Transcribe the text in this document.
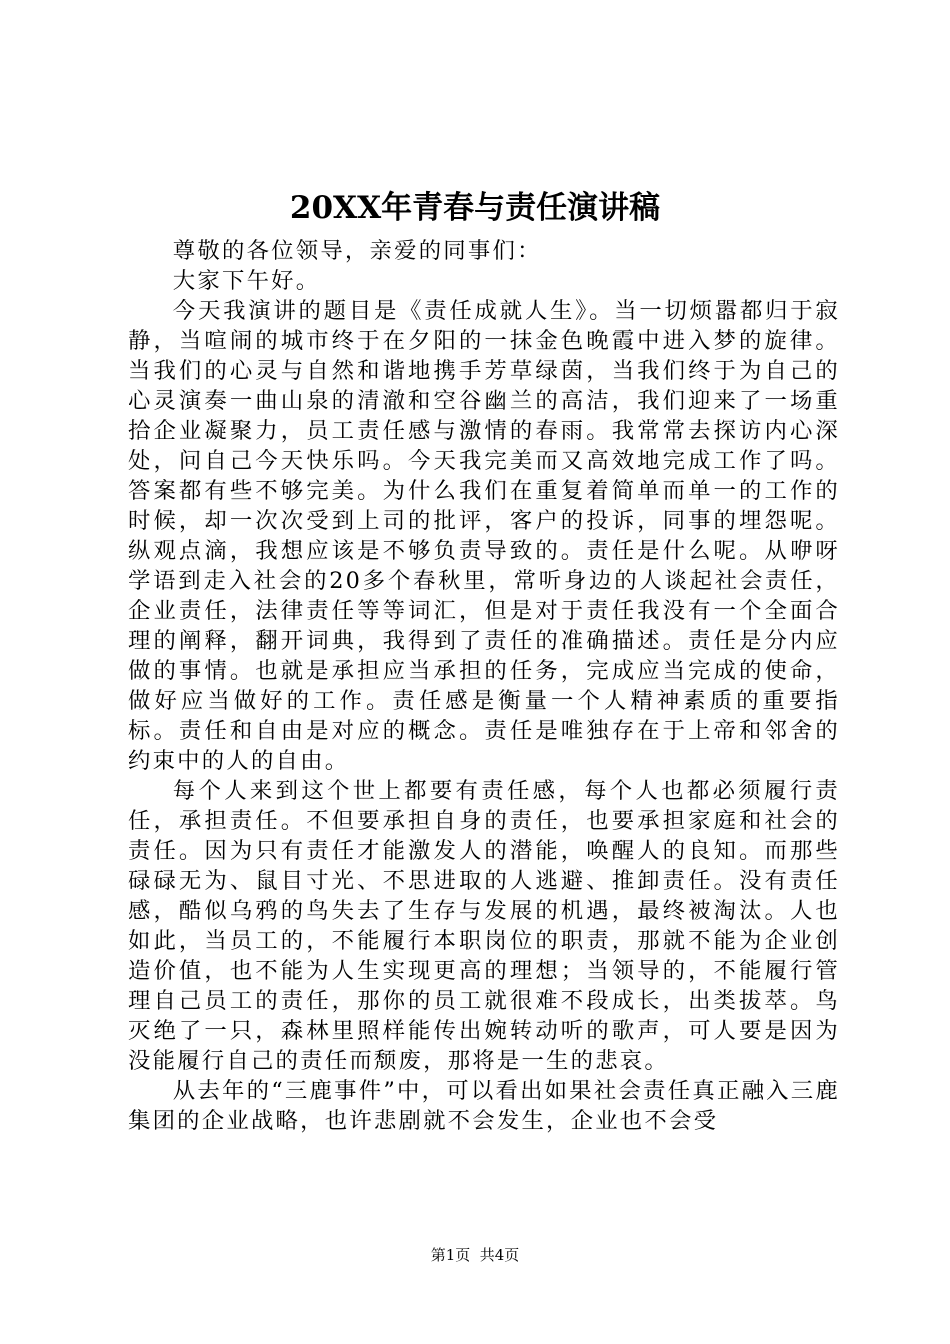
20XX年青春与责任演讲稿

尊敬的各位领导，亲爱的同事们：

大家下午好。

今天我演讲的题目是《责任成就人生》。当一切烦嚣都归于寂静，当喧闹的城市终于在夕阳的一抹金色晚霞中进入梦的旋律。当我们的心灵与自然和谐地携手芳草绿茵，当我们终于为自己的心灵演奏一曲山泉的清澈和空谷幽兰的高洁，我们迎来了一场重拾企业凝聚力，员工责任感与激情的春雨。我常常去探访内心深处，问自己今天快乐吗。今天我完美而又高效地完成工作了吗。答案都有些不够完美。为什么我们在重复着简单而单一的工作的时候，却一次次受到上司的批评，客户的投诉，同事的埋怨呢。纵观点滴，我想应该是不够负责导致的。责任是什么呢。从咿呀学语到走入社会的20多个春秋里，常听身边的人谈起社会责任，企业责任，法律责任等等词汇，但是对于责任我没有一个全面合理的阐释，翻开词典，我得到了责任的准确描述。责任是分内应做的事情。也就是承担应当承担的任务，完成应当完成的使命，做好应当做好的工作。责任感是衡量一个人精神素质的重要指标。责任和自由是对应的概念。责任是唯独存在于上帝和邻舍的约束中的人的自由。

每个人来到这个世上都要有责任感，每个人也都必须履行责任，承担责任。不但要承担自身的责任，也要承担家庭和社会的责任。因为只有责任才能激发人的潜能，唤醒人的良知。而那些碌碌无为、鼠目寸光、不思进取的人逃避、推卸责任。没有责任感，酷似乌鸦的鸟失去了生存与发展的机遇，最终被淘汰。人也如此，当员工的，不能履行本职岗位的职责，那就不能为企业创造价值，也不能为人生实现更高的理想；当领导的，不能履行管理自己员工的责任，那你的员工就很难不段成长，出类拔萃。鸟灭绝了一只，森林里照样能传出婉转动听的歌声，可人要是因为没能履行自己的责任而颓废，那将是一生的悲哀。

从去年的“三鹿事件”中，可以看出如果社会责任真正融入三鹿集团的企业战略，也许悲剧就不会发生，企业也不会受

第1页  共4页
